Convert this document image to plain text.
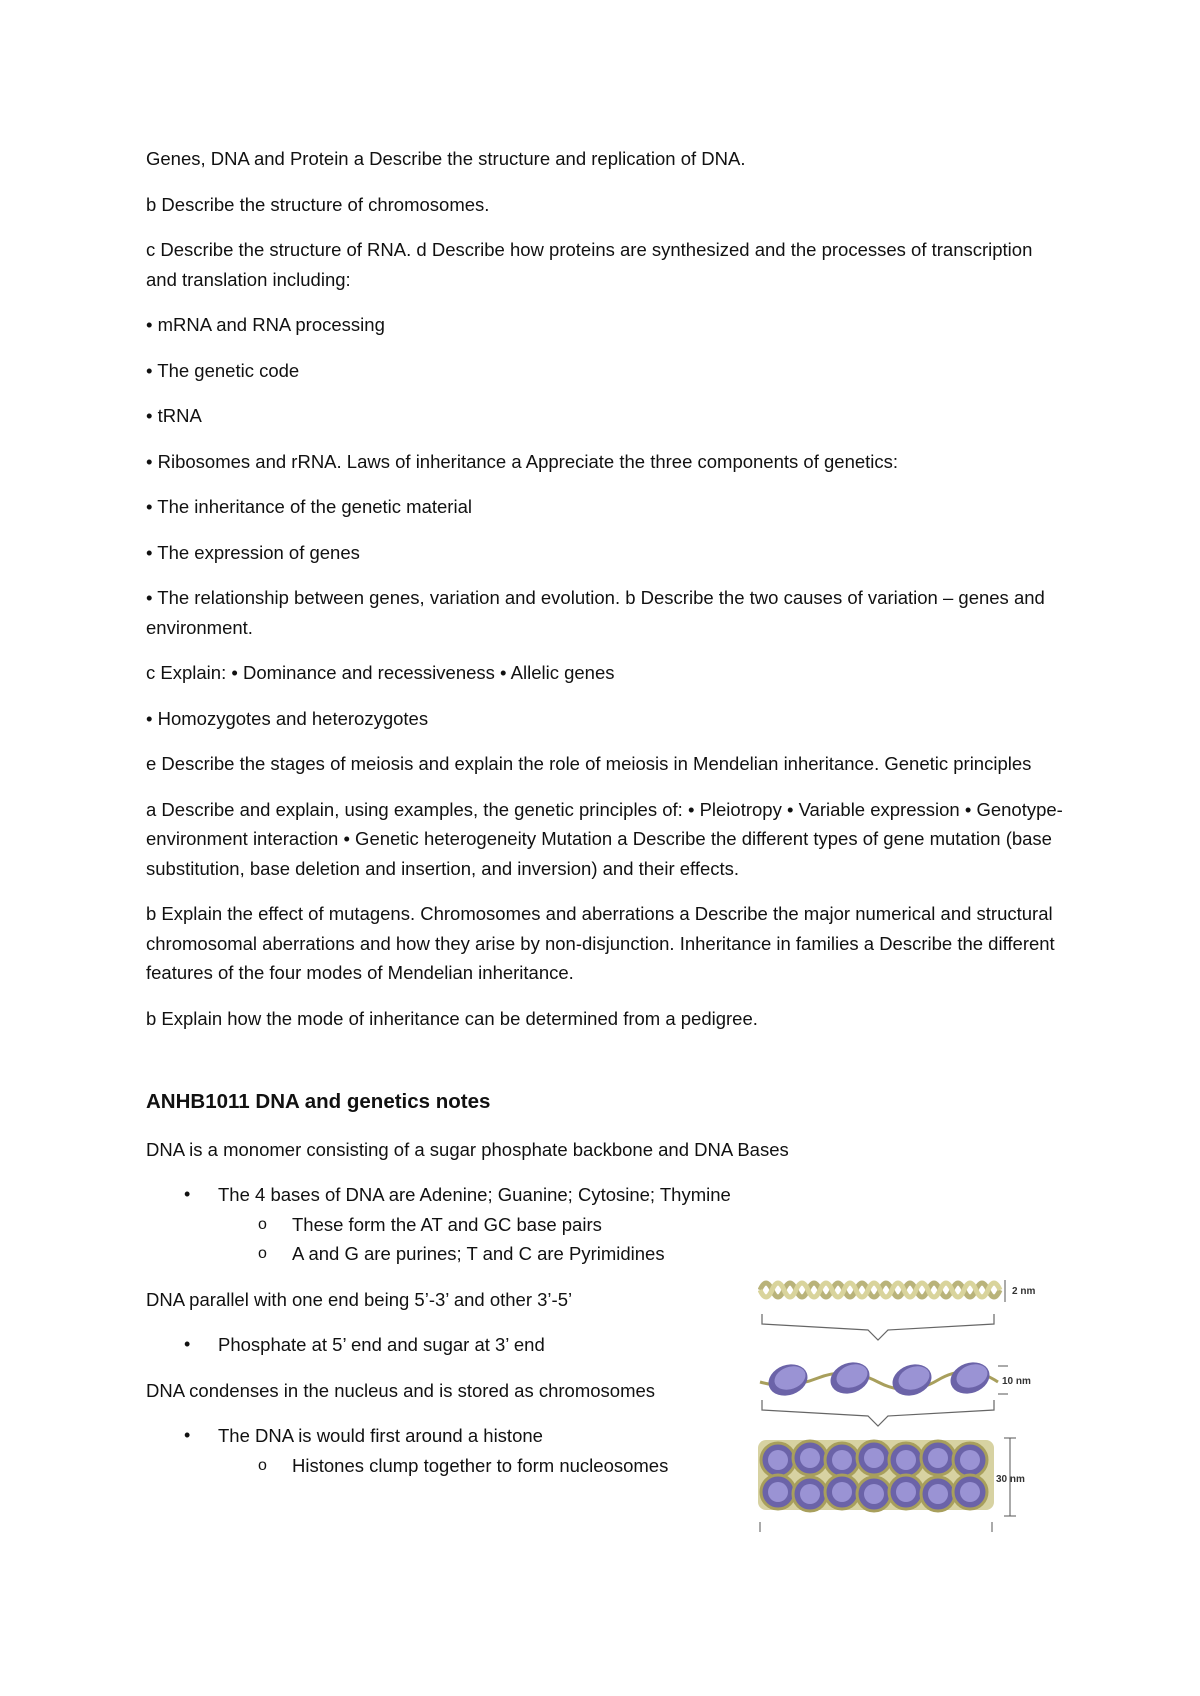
Genes, DNA and Protein a Describe the structure and replication of DNA.

b Describe the structure of chromosomes.

c Describe the structure of RNA. d Describe how proteins are synthesized and the processes of transcription and translation including:

• mRNA and RNA processing

• The genetic code

• tRNA

• Ribosomes and rRNA. Laws of inheritance a Appreciate the three components of genetics:

• The inheritance of the genetic material

• The expression of genes

• The relationship between genes, variation and evolution. b Describe the two causes of variation – genes and environment.

c Explain: • Dominance and recessiveness • Allelic genes

• Homozygotes and heterozygotes

e Describe the stages of meiosis and explain the role of meiosis in Mendelian inheritance. Genetic principles

a Describe and explain, using examples, the genetic principles of: • Pleiotropy • Variable expression • Genotype-environment interaction • Genetic heterogeneity Mutation a Describe the different types of gene mutation (base substitution, base deletion and insertion, and inversion) and their effects.

b Explain the effect of mutagens. Chromosomes and aberrations a Describe the major numerical and structural chromosomal aberrations and how they arise by non-disjunction. Inheritance in families a Describe the different features of the four modes of Mendelian inheritance.

b Explain how the mode of inheritance can be determined from a pedigree.

ANHB1011 DNA and genetics notes

DNA is a monomer consisting of a sugar phosphate backbone and DNA Bases

• The 4 bases of DNA are Adenine; Guanine; Cytosine; Thymine
o These form the AT and GC base pairs
o A and G are purines; T and C are Pyrimidines

DNA parallel with one end being 5’-3’ and other 3’-5’

• Phosphate at 5’ end and sugar at 3’ end

DNA condenses in the nucleus and is stored as chromosomes

• The DNA is would first around a histone
o Histones clump together to form nucleosomes
2 nm
10 nm
30 nm
